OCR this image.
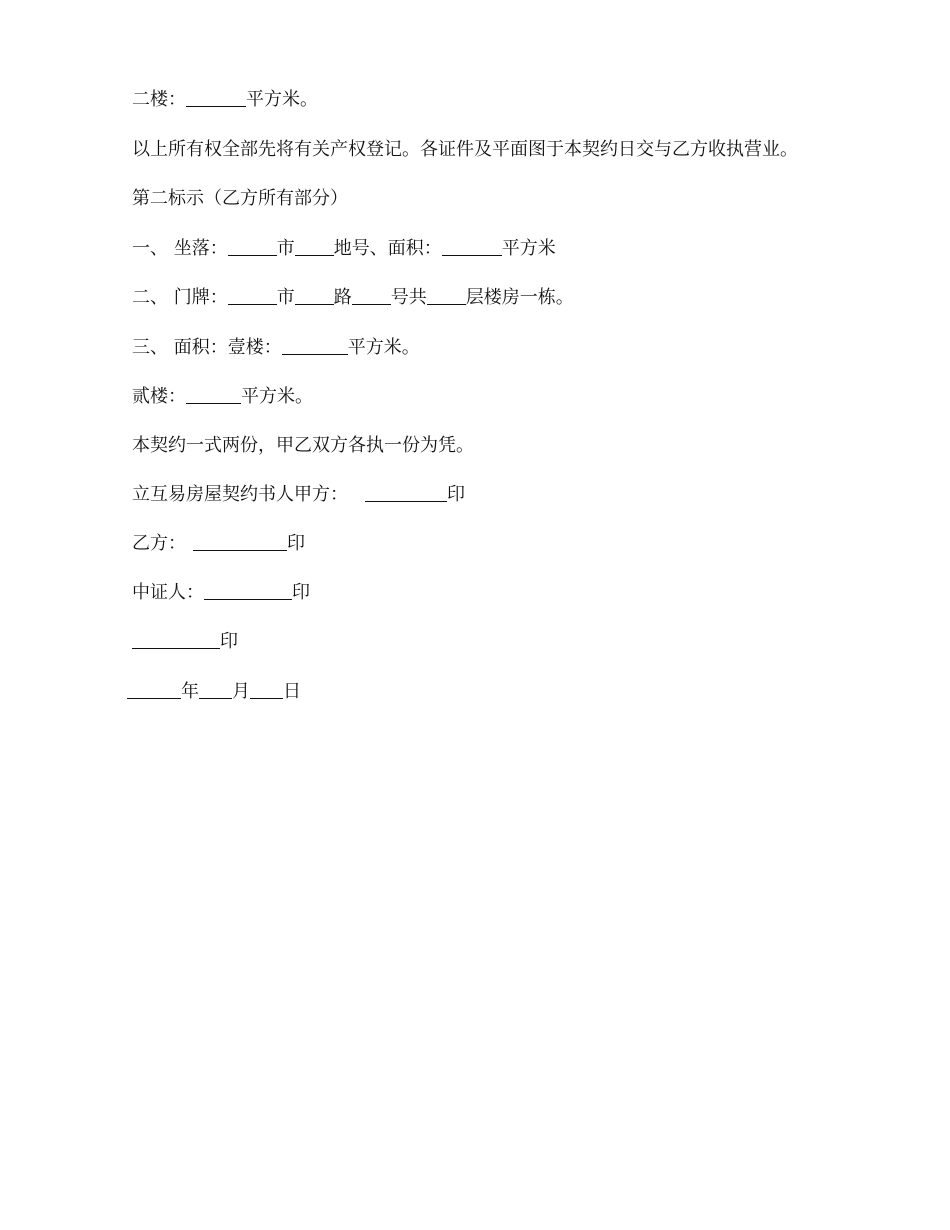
二楼：	平方米。
以上所有权全部先将有关产权登记。各证件及平面图于本契约日交与乙方收执营业。
第二标示（乙方所有部分）
一、 坐落：	市 地号、面积：	平方米
二、 门牌：	市 路 号共 层楼房一栋。
三、 面积：壹楼：	平方米。
贰楼：	平方米。
本契约一式两份，甲乙双方各执一份为凭。
立互易房屋契约书人甲方：	印
乙方：	印
中证人：	印
印
年 月 日
